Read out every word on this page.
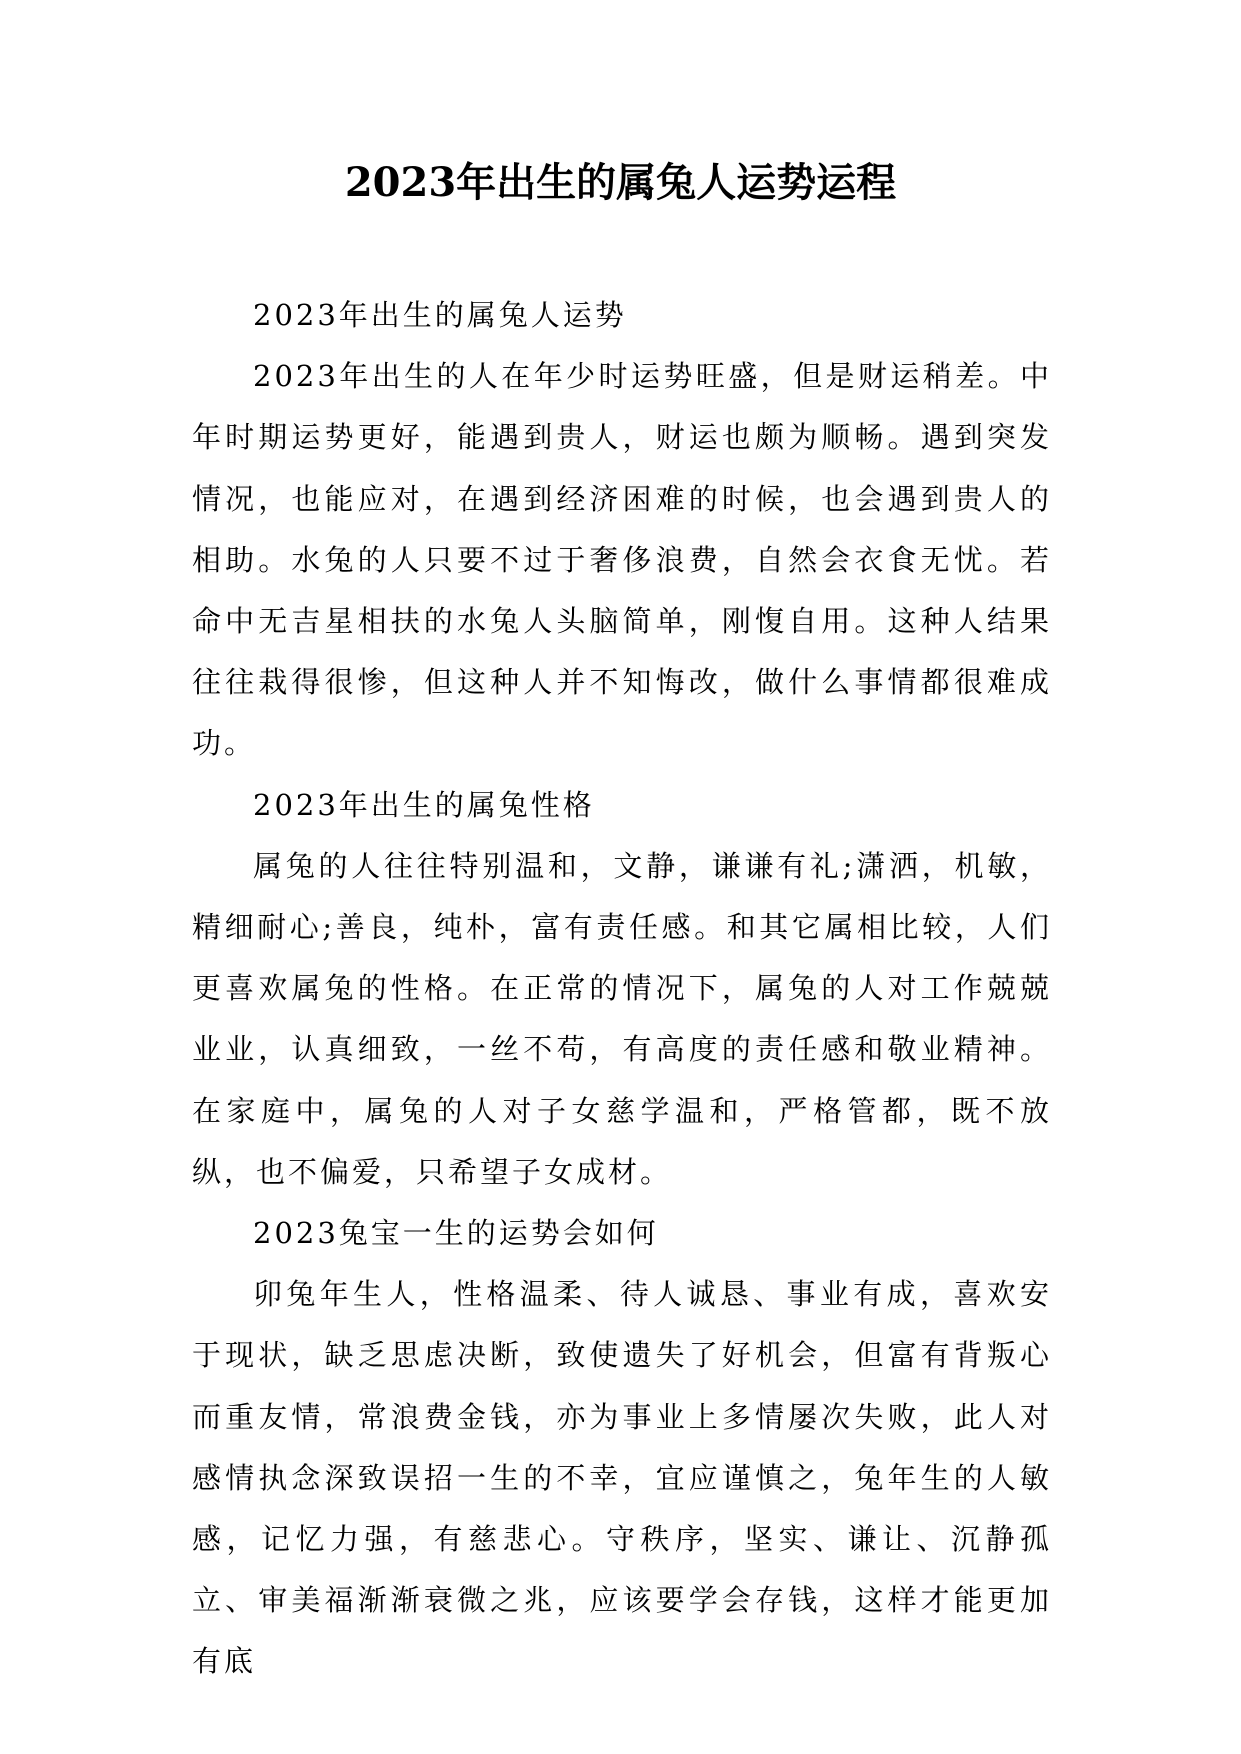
2023年出生的属兔人运势运程

2023年出生的属兔人运势

2023年出生的人在年少时运势旺盛，但是财运稍差。中年时期运势更好，能遇到贵人，财运也颇为顺畅。遇到突发情况，也能应对，在遇到经济困难的时候，也会遇到贵人的相助。水兔的人只要不过于奢侈浪费，自然会衣食无忧。若命中无吉星相扶的水兔人头脑简单，刚愎自用。这种人结果往往栽得很惨，但这种人并不知悔改，做什么事情都很难成功。

2023年出生的属兔性格

属兔的人往往特别温和，文静，谦谦有礼;潇洒，机敏，精细耐心;善良，纯朴，富有责任感。和其它属相比较，人们更喜欢属兔的性格。在正常的情况下，属兔的人对工作兢兢业业，认真细致，一丝不苟，有高度的责任感和敬业精神。在家庭中，属兔的人对子女慈学温和，严格管都，既不放纵，也不偏爱，只希望子女成材。

2023兔宝一生的运势会如何

卯兔年生人，性格温柔、待人诚恳、事业有成，喜欢安于现状，缺乏思虑决断，致使遗失了好机会，但富有背叛心而重友情，常浪费金钱，亦为事业上多情屡次失败，此人对感情执念深致误招一生的不幸，宜应谨慎之，兔年生的人敏感，记忆力强，有慈悲心。守秩序，坚实、谦让、沉静孤立、审美福渐渐衰微之兆，应该要学会存钱，这样才能更加有底
